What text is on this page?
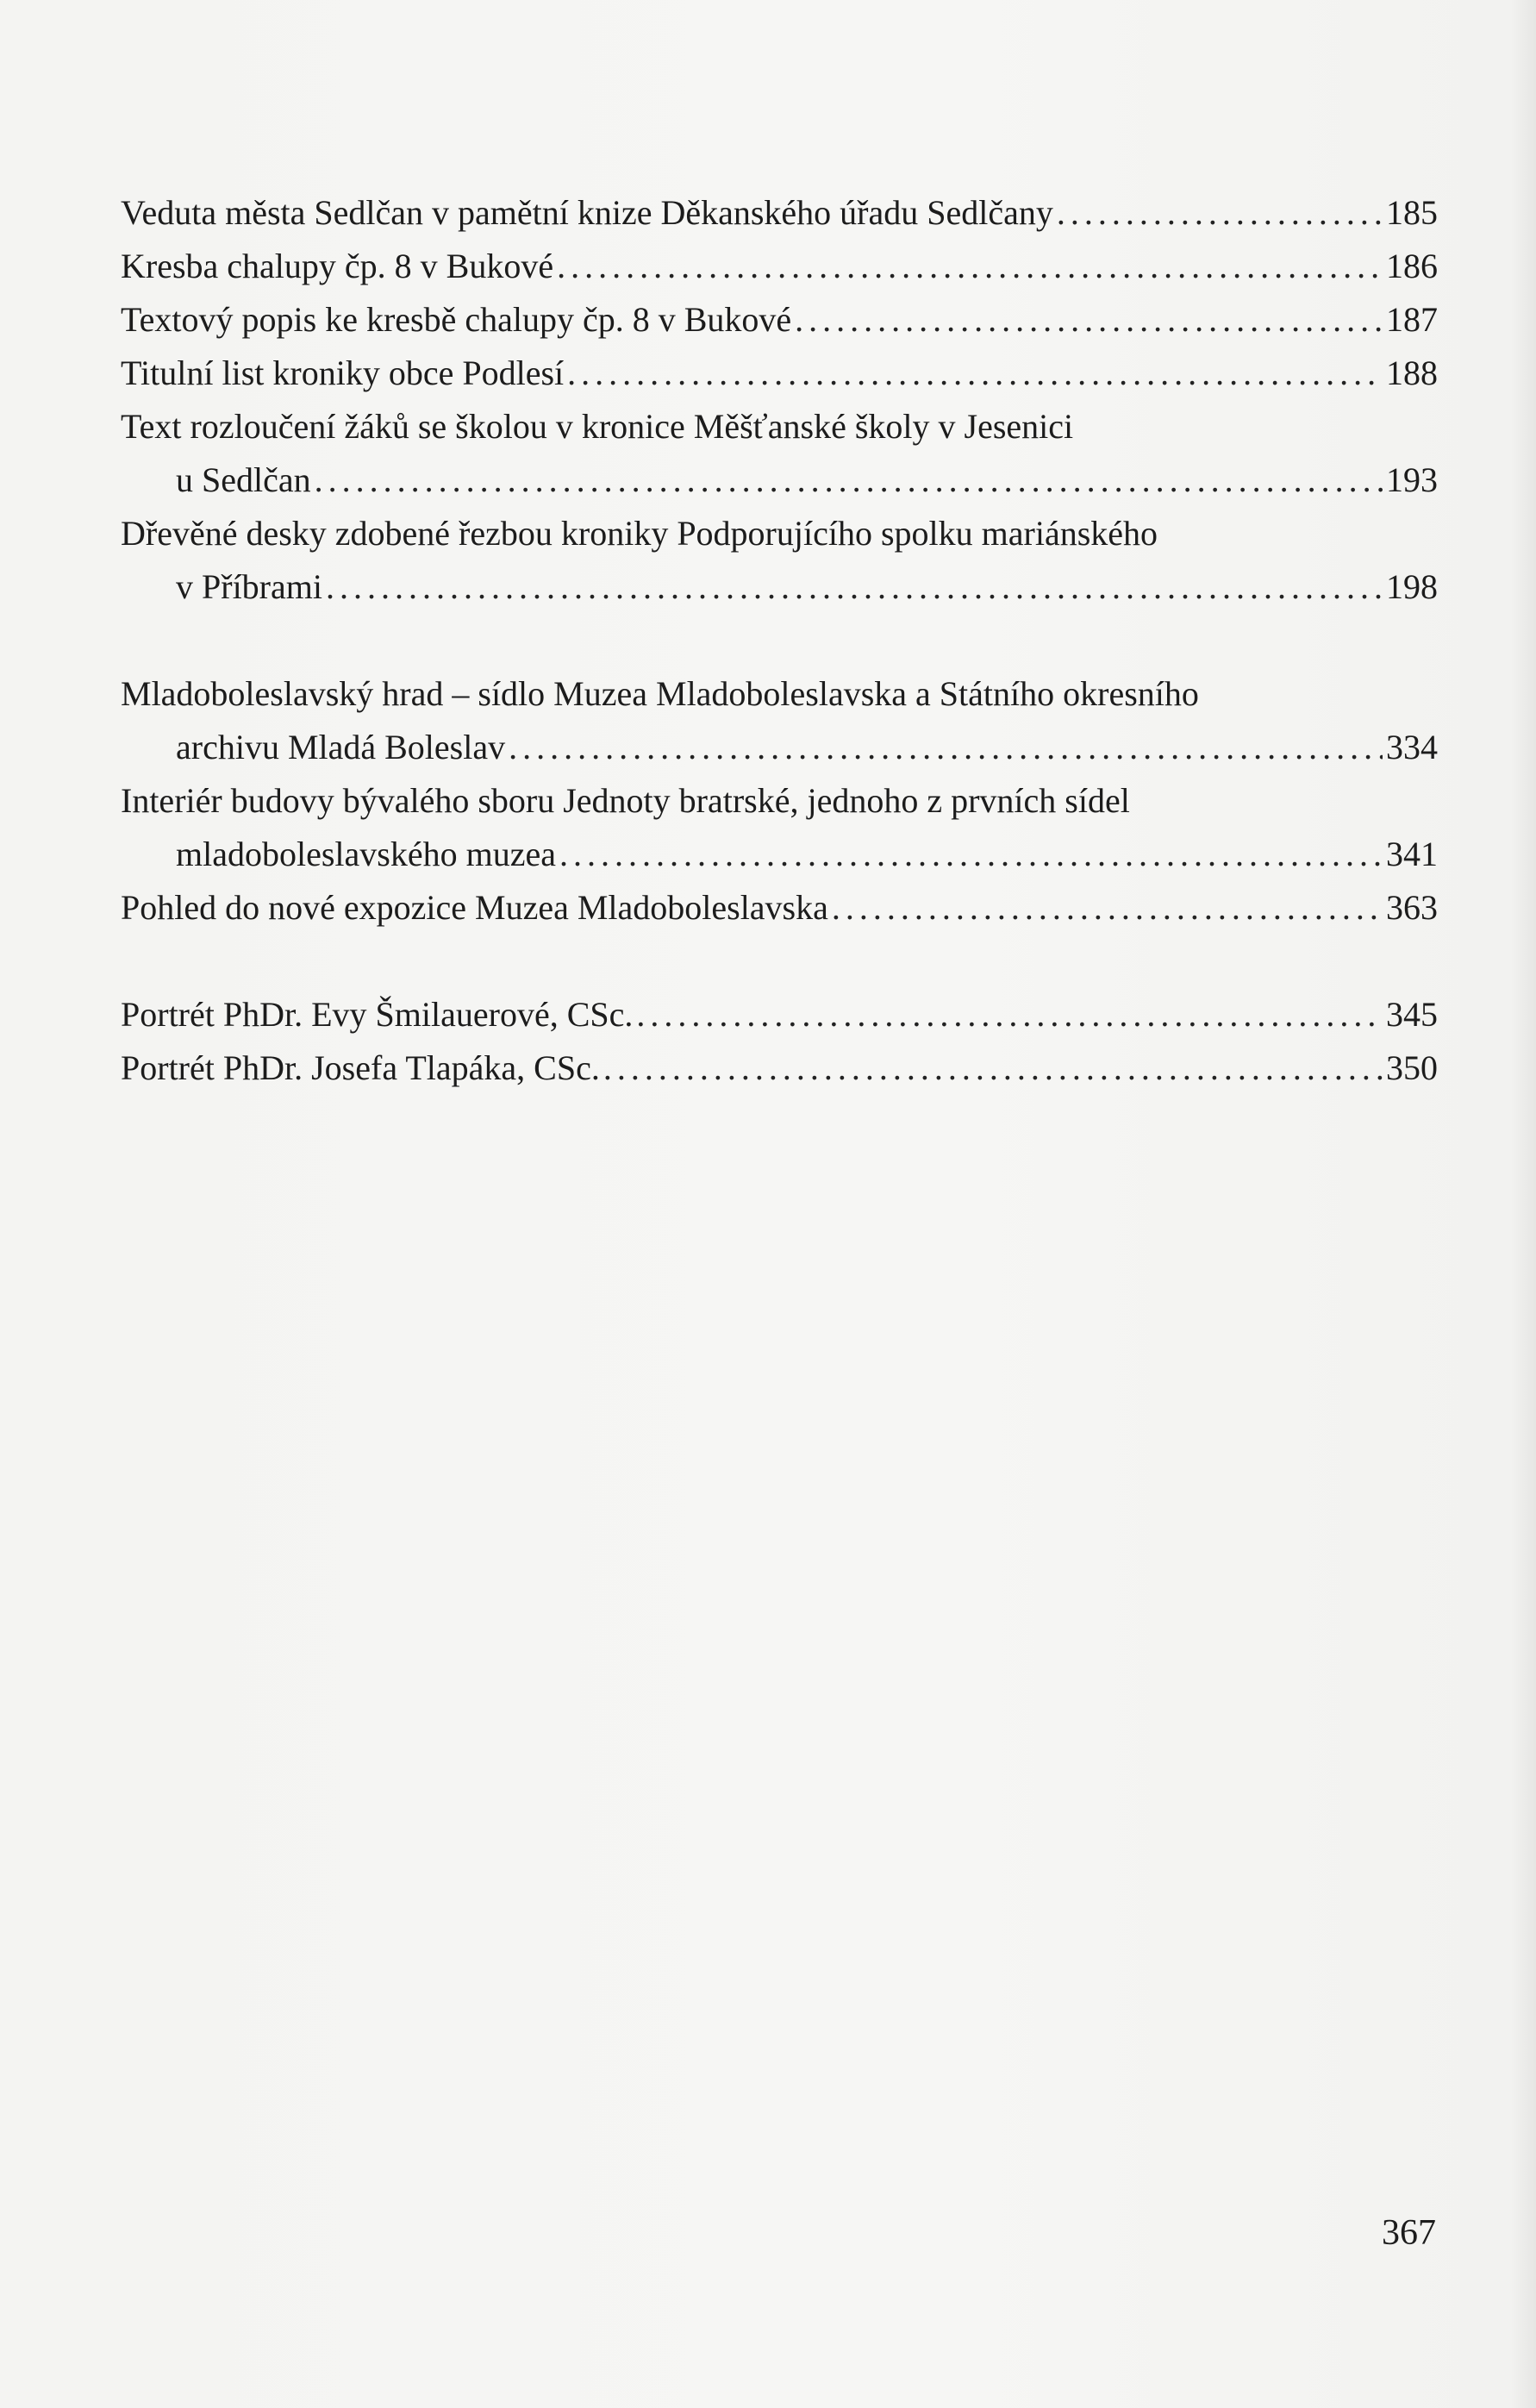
Veduta města Sedlčan v pamětní knize Děkanského úřadu Sedlčany . . .	185
Kresba chalupy čp. 8 v Bukové . . .	186
Textový popis ke kresbě chalupy čp. 8 v Bukové . . .	187
Titulní list kroniky obce Podlesí . . .	188
Text rozloučení žáků se školou v kronice Měšťanské školy v Jesenici
u Sedlčan . . .	193
Dřevěné desky zdobené řezbou kroniky Podporujícího spolku mariánského
v Příbrami . . .	198
Mladoboleslavský hrad – sídlo Muzea Mladoboleslavska a Státního okresního
archivu Mladá Boleslav . . .	334
Interiér budovy bývalého sboru Jednoty bratrské, jednoho z prvních sídel
mladoboleslavského muzea . . .	341
Pohled do nové expozice Muzea Mladoboleslavska . . .	363
Portrét PhDr. Evy Šmilauerové, CSc. . . .	345
Portrét PhDr. Josefa Tlapáka, CSc. . . .	350
367
